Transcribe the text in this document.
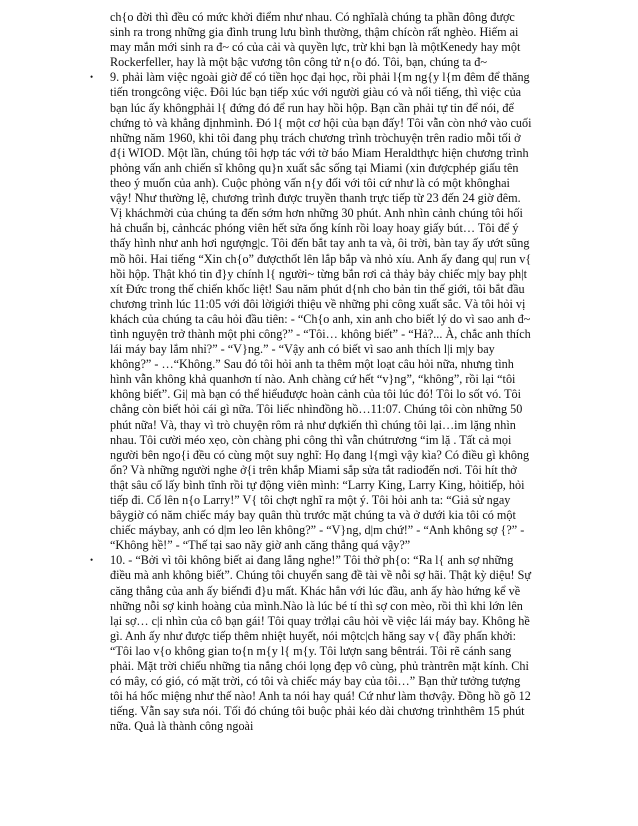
ch{o đời thì đều có mức khởi điểm như nhau. Có nghĩalà chúng ta phần đông được sinh ra trong những gia đình trung lưu bình thường, thậm chícòn rất nghèo. Hiếm ai may mắn mới sinh ra đ~ có của cải và quyền lực, trừ khi bạn là mộtKenedy hay một Rockerfeller, hay là một bậc vương tôn công tử n{o đó. Tôi, bạn, chúng ta đ~

• 9. phải làm việc ngoài giờ để có tiền học đại học, rồi phải l{m ng{y l{m đêm để thăng tiến trongcông việc. Đôi lúc bạn tiếp xúc với người giàu có và nổi tiếng, thì việc của bạn lúc ấy khôngphải l{ đứng đó để run hay hồi hộp. Bạn cần phải tự tin để nói, để chứng tỏ và khẳng địnhmình. Đó l{ một cơ hội của bạn đấy! Tôi vẫn còn nhớ vào cuối những năm 1960, khi tôi đang phụ trách chương trình tròchuyện trên radio mỗi tối ở đ{i WIOD. Một lần, chúng tôi hợp tác với tờ báo Miam Heraldthực hiện chương trình phỏng vấn anh chiến sĩ không qu}n xuất sắc sống tại Miami (xin đượcphép giấu tên theo ý muốn của anh). Cuộc phỏng vấn n{y đối với tôi cứ như là có một khônghai vậy! Như thường lệ, chương trình được truyền thanh trực tiếp từ 23 đến 24 giờ đêm. Vị kháchmời của chúng ta đến sớm hơn những 30 phút. Anh nhìn cảnh chúng tôi hối hả chuẩn bị, cảnhcác phóng viên hết sửa ống kính rồi loay hoay giấy bút… Tôi để ý thấy hình như anh hơi ngượng|c. Tôi đến bắt tay anh ta và, ôi trời, bàn tay ấy ướt sũng mồ hôi. Hai tiếng “Xin ch{o” đượcthốt lên lắp bắp và nhỏ xíu. Anh ấy đang qu| run v{ hồi hộp. Thật khó tin đ}y chính l{ người~ từng bắn rơi cả thảy bảy chiếc m|y bay ph|t xít Đức trong thế chiến khốc liệt! Sau năm phút d{nh cho bản tin thế giới, tôi bắt đầu chương trình lúc 11:05 với đôi lờigiới thiệu về những phi công xuất sắc. Và tôi hỏi vị khách của chúng ta câu hỏi đầu tiên: - “Ch{o anh, xin anh cho biết lý do vì sao anh đ~ tình nguyện trở thành một phi công?” - “Tôi… không biết” - “Hả?... À, chắc anh thích lái máy bay lắm nhỉ?” - “V}ng.” - “Vậy anh có biết vì sao anh thích l|i m|y bay không?” - …“Không.” Sau đó tôi hỏi anh ta thêm một loạt câu hỏi nữa, nhưng tình hình vẫn không khả quanhơn tí nào. Anh chàng cứ hết “v}ng”, “không”, rồi lại “tôi không biết”. Gi| mà bạn có thể hiểuđược hoàn cảnh của tôi lúc đó! Tôi lo sốt vó. Tôi chẳng còn biết hỏi cái gì nữa. Tôi liếc nhìnđồng hồ…11:07. Chúng tôi còn những 50 phút nữa! Và, thay vì trò chuyện rôm rả như dựkiến thì chúng tôi lại…im lặng nhìn nhau. Tôi cười méo xẹo, còn chàng phi công thì vẫn chútrương “im lặ . Tất cả mọi người bên ngo{i đều có cùng một suy nghĩ: Họ đang l{mgì vậy kìa? Có điều gì không ổn? Và những người nghe ở{i trên khắp Miami sắp sửa tắt radiođến nơi. Tôi hít thở thật sâu cố lấy bình tĩnh rồi tự động viên mình: “Larry King, Larry King, hỏitiếp, hỏi tiếp đi. Cố lên n{o Larry!” V{ tôi chợt nghĩ ra một ý. Tôi hỏi anh ta: “Giả sử ngay bâygiờ có năm chiếc máy bay quân thù trước mặt chúng ta và ở dưới kia tôi có một chiếc máybay, anh có d|m leo lên không?” - “V}ng, d|m chứ!” - “Anh không sợ {?” - “Không hề!” - “Thế tại sao nãy giờ anh căng thẳng quá vậy?”
• 10. - “Bởi vì tôi không biết ai đang lắng nghe!” Tôi thở ph{o: “Ra l{ anh sợ những điều mà anh không biết”. Chúng tôi chuyển sang đề tài về nỗi sợ hãi. Thật kỳ diệu! Sự căng thẳng của anh ấy biếnđi đ}u mất. Khác hẳn với lúc đầu, anh ấy hào hứng kể về những nỗi sợ kinh hoàng của mình.Nào là lúc bé tí thì sợ con mèo, rồi thì khi lớn lên lại sợ… c|i nhìn của cô bạn gái! Tôi quay trởlại câu hỏi về việc lái máy bay. Không hề gì. Anh ấy như được tiếp thêm nhiệt huyết, nói mộtc|ch hăng say v{ đầy phấn khởi: “Tôi lao v{o không gian to{n m{y l{ m{y. Tôi lượn sang bêntrái. Tôi rẽ cánh sang phải. Mặt trời chiếu những tia nắng chói lọng đẹp vô cùng, phủ tràntrên mặt kính. Chỉ có mây, có gió, có mặt trời, có tôi và chiếc máy bay của tôi…” Bạn thử tưởng tượng tôi há hốc miệng như thế nào! Anh ta nói hay quá! Cứ như làm thơvậy. Đồng hồ gõ 12 tiếng. Vẫn say sưa nói. Tối đó chúng tôi buộc phải kéo dài chương trìnhthêm 15 phút nữa. Quả là thành công ngoài
